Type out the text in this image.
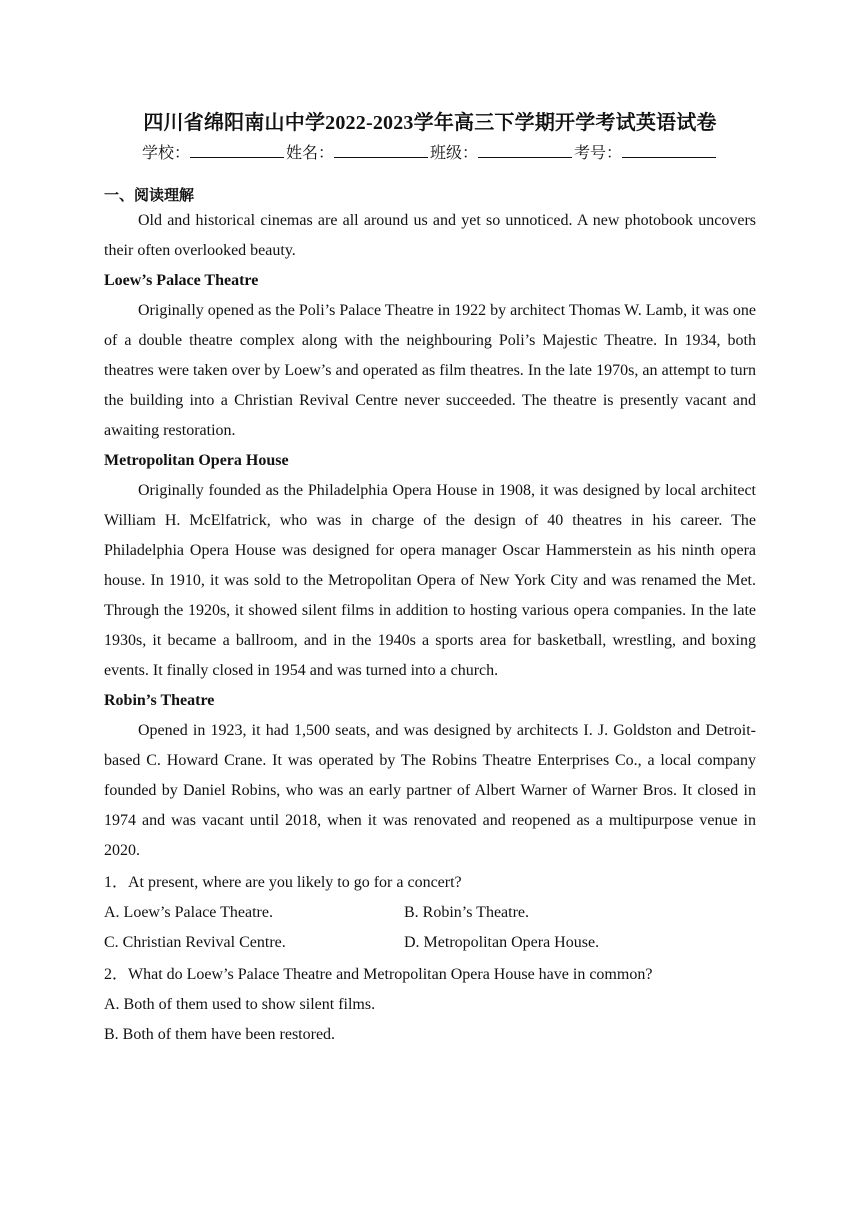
四川省绵阳南山中学2022-2023学年高三下学期开学考试英语试卷
学校：	姓名：	班级：	考号：
一、阅读理解

Old and historical cinemas are all around us and yet so unnoticed. A new photobook uncovers their often overlooked beauty.

Loew’s Palace Theatre

Originally opened as the Poli’s Palace Theatre in 1922 by architect Thomas W. Lamb, it was one of a double theatre complex along with the neighbouring Poli’s Majestic Theatre. In 1934, both theatres were taken over by Loew’s and operated as film theatres. In the late 1970s, an attempt to turn the building into a Christian Revival Centre never succeeded. The theatre is presently vacant and awaiting restoration.

Metropolitan Opera House

Originally founded as the Philadelphia Opera House in 1908, it was designed by local architect William H. McElfatrick, who was in charge of the design of 40 theatres in his career. The Philadelphia Opera House was designed for opera manager Oscar Hammerstein as his ninth opera house. In 1910, it was sold to the Metropolitan Opera of New York City and was renamed the Met. Through the 1920s, it showed silent films in addition to hosting various opera companies. In the late 1930s, it became a ballroom, and in the 1940s a sports area for basketball, wrestling, and boxing events. It finally closed in 1954 and was turned into a church.

Robin’s Theatre

Opened in 1923, it had 1,500 seats, and was designed by architects I. J. Goldston and Detroit-based C. Howard Crane. It was operated by The Robins Theatre Enterprises Co., a local company founded by Daniel Robins, who was an early partner of Albert Warner of Warner Bros. It closed in 1974 and was vacant until 2018, when it was renovated and reopened as a multipurpose venue in 2020.

1．At present, where are you likely to go for a concert?
A. Loew’s Palace Theatre.	B. Robin’s Theatre.
C. Christian Revival Centre.	D. Metropolitan Opera House.
2．What do Loew’s Palace Theatre and Metropolitan Opera House have in common?
A. Both of them used to show silent films.
B. Both of them have been restored.
